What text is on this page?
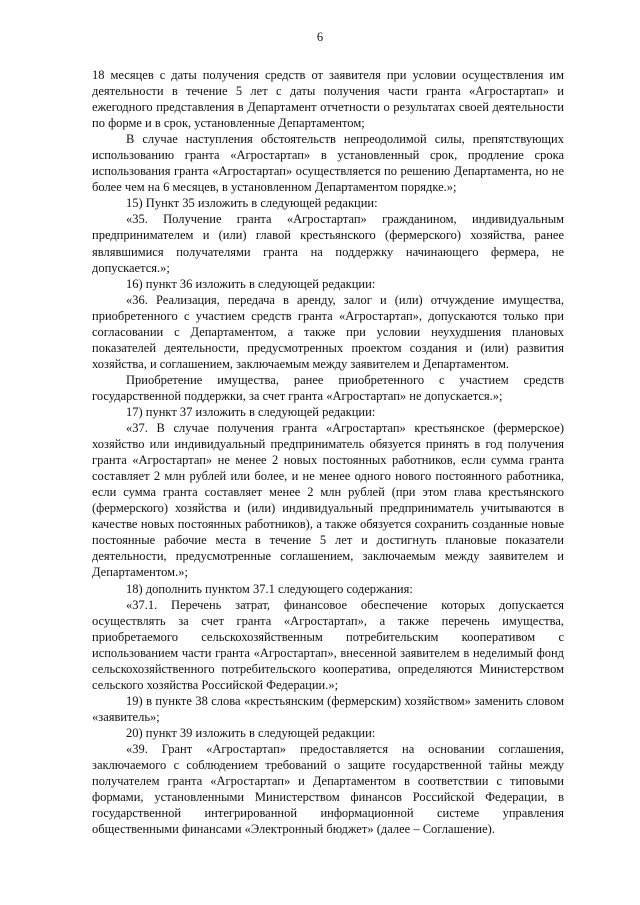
6

18 месяцев с даты получения средств от заявителя при условии осуществления им деятельности в течение 5 лет с даты получения части гранта «Агростартап» и ежегодного представления в Департамент отчетности о результатах своей деятельности по форме и в срок, установленные Департаментом;

В случае наступления обстоятельств непреодолимой силы, препятствующих использованию гранта «Агростартап» в установленный срок, продление срока использования гранта «Агростартап» осуществляется по решению Департамента, но не более чем на 6 месяцев, в установленном Департаментом порядке.»;

15) Пункт 35 изложить в следующей редакции:

«35. Получение гранта «Агростартап» гражданином, индивидуальным предпринимателем и (или) главой крестьянского (фермерского) хозяйства, ранее являвшимися получателями гранта на поддержку начинающего фермера, не допускается.»;

16) пункт 36 изложить в следующей редакции:

«36. Реализация, передача в аренду, залог и (или) отчуждение имущества, приобретенного с участием средств гранта «Агростартап», допускаются только при согласовании с Департаментом, а также при условии неухудшения плановых показателей деятельности, предусмотренных проектом создания и (или) развития хозяйства, и соглашением, заключаемым между заявителем и Департаментом.

Приобретение имущества, ранее приобретенного с участием средств государственной поддержки, за счет гранта «Агростартап» не допускается.»;

17) пункт 37 изложить в следующей редакции:

«37. В случае получения гранта «Агростартап» крестьянское (фермерское) хозяйство или индивидуальный предприниматель обязуется принять в год получения гранта «Агростартап» не менее 2 новых постоянных работников, если сумма гранта составляет 2 млн рублей или более, и не менее одного нового постоянного работника, если сумма гранта составляет менее 2 млн рублей (при этом глава крестьянского (фермерского) хозяйства и (или) индивидуальный предприниматель учитываются в качестве новых постоянных работников), а также обязуется сохранить созданные новые постоянные рабочие места в течение 5 лет и достигнуть плановые показатели деятельности, предусмотренные соглашением, заключаемым между заявителем и Департаментом.»;

18) дополнить пунктом 37.1 следующего содержания:

«37.1. Перечень затрат, финансовое обеспечение которых допускается осуществлять за счет гранта «Агростартап», а также перечень имущества, приобретаемого сельскохозяйственным потребительским кооперативом с использованием части гранта «Агростартап», внесенной заявителем в неделимый фонд сельскохозяйственного потребительского кооператива, определяются Министерством сельского хозяйства Российской Федерации.»;

19) в пункте 38 слова «крестьянским (фермерским) хозяйством» заменить словом «заявитель»;

20) пункт 39 изложить в следующей редакции:

«39. Грант «Агростартап» предоставляется на основании соглашения, заключаемого с соблюдением требований о защите государственной тайны между получателем гранта «Агростартап» и Департаментом в соответствии с типовыми формами, установленными Министерством финансов Российской Федерации, в государственной интегрированной информационной системе управления общественными финансами «Электронный бюджет» (далее – Соглашение).
